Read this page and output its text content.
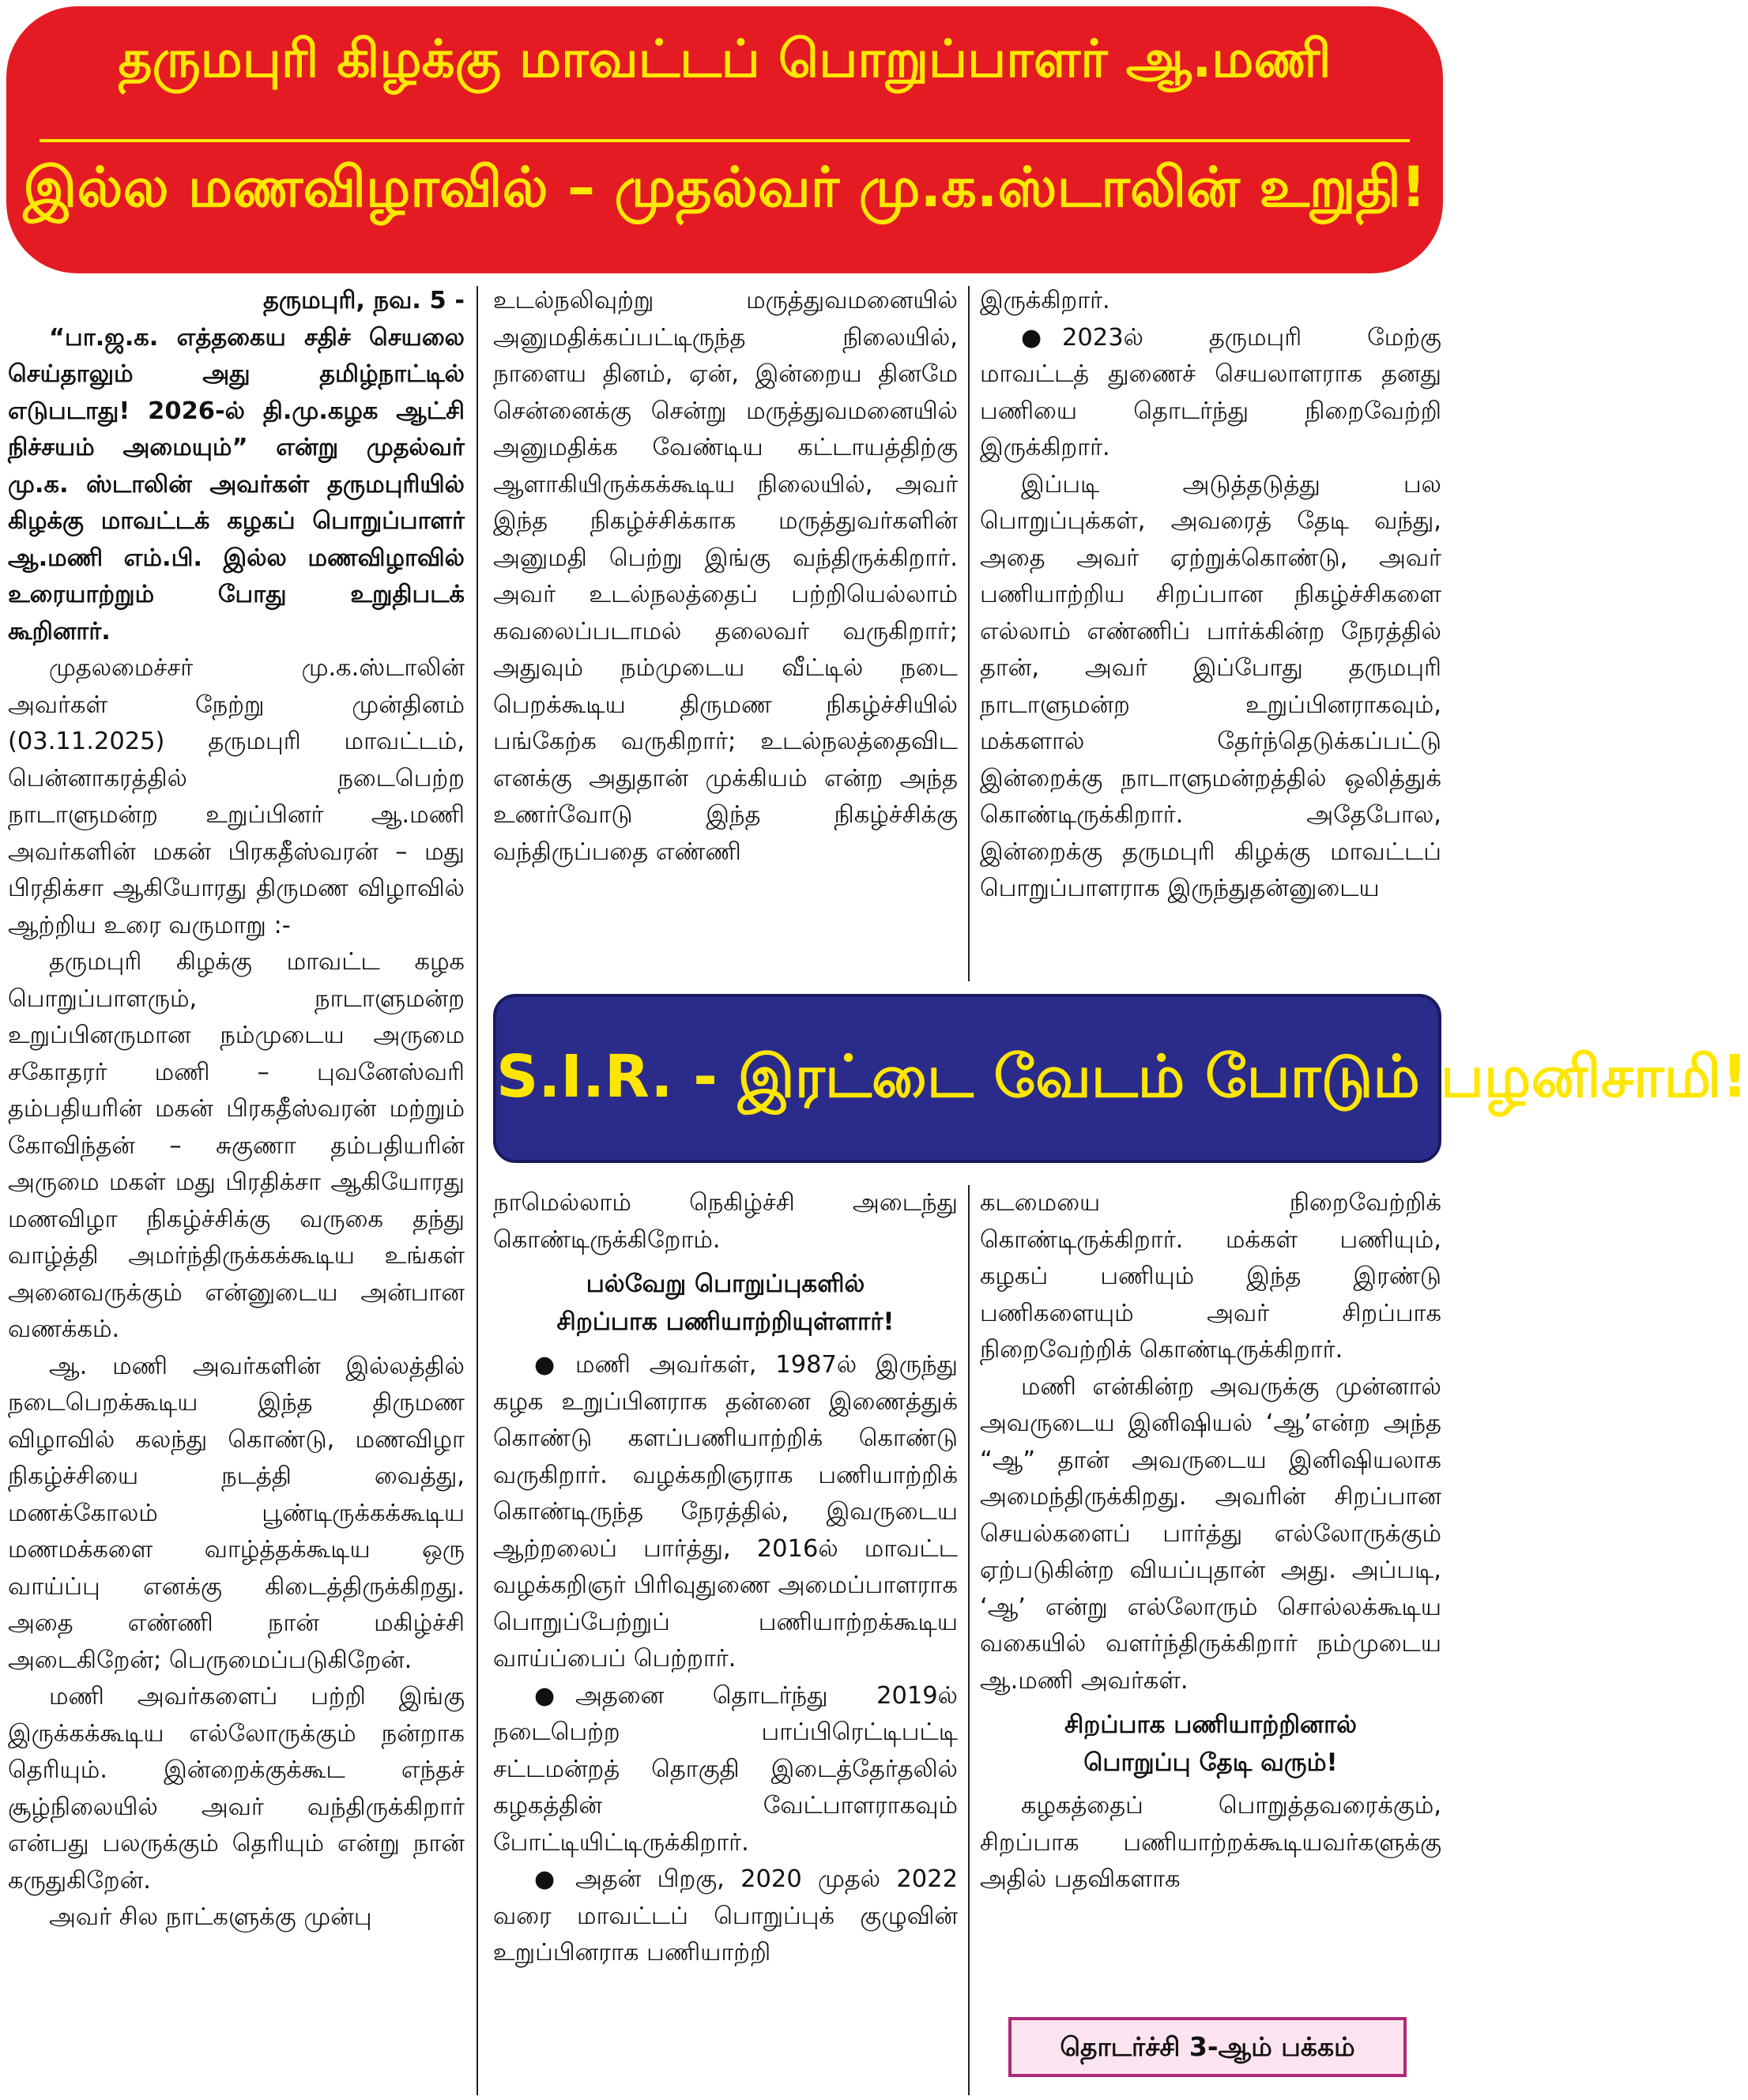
தருமபுரி கிழக்கு மாவட்டப் பொறுப்பாளர் ஆ.மணி
இல்ல மணவிழாவில் – முதல்வர் மு.க.ஸ்டாலின் உறுதி!

தருமபுரி, நவ. 5 -

“பா.ஜ.க. எத்தகைய சதிச் செயலை செய்தாலும் அது தமிழ்நாட்டில் எடுபடாது! 2026-ல் தி.மு.கழக ஆட்சி நிச்சயம் அமையும்” என்று முதல்வர் மு.க. ஸ்டாலின் அவர்கள் தருமபுரியில் கிழக்கு மாவட்டக் கழகப் பொறுப்பாளர் ஆ.மணி எம்.பி. இல்ல மணவிழாவில் உரையாற்றும் போது உறுதிபடக் கூறினார்.

முதலமைச்சர் மு.க.ஸ்டாலின் அவர்கள் நேற்று முன்தினம் (03.11.2025) தருமபுரி மாவட்டம், பென்னாகரத்தில் நடைபெற்ற நாடாளுமன்ற உறுப்பினர் ஆ.மணி அவர்களின் மகன் பிரகதீஸ்வரன் – மது பிரதிக்சா ஆகியோரது திருமண விழாவில் ஆற்றிய உரை வருமாறு :-

தருமபுரி கிழக்கு மாவட்ட கழக பொறுப்பாளரும், நாடாளுமன்ற உறுப்பினருமான நம்முடைய அருமை சகோதரர் மணி – புவனேஸ்வரி தம்பதியரின் மகன் பிரகதீஸ்வரன் மற்றும் கோவிந்தன் – சுகுணா தம்பதியரின் அருமை மகள் மது பிரதிக்சா ஆகியோரது மணவிழா நிகழ்ச்சிக்கு வருகை தந்து வாழ்த்தி அமர்ந்திருக்கக்கூடிய உங்கள் அனைவருக்கும் என்னுடைய அன்பான வணக்கம்.

ஆ. மணி அவர்களின் இல்லத்தில் நடைபெறக்கூடிய இந்த திருமண விழாவில் கலந்து கொண்டு, மணவிழா நிகழ்ச்சியை நடத்தி வைத்து, மணக்கோலம் பூண்டிருக்கக்கூடிய மணமக்களை வாழ்த்தக்கூடிய ஒரு வாய்ப்பு எனக்கு கிடைத்திருக்கிறது. அதை எண்ணி நான் மகிழ்ச்சி அடைகிறேன்; பெருமைப்படுகிறேன்.

மணி அவர்களைப் பற்றி இங்கு இருக்கக்கூடிய எல்லோருக்கும் நன்றாக தெரியும். இன்றைக்குக்கூட எந்தச் சூழ்நிலையில் அவர் வந்திருக்கிறார் என்பது பலருக்கும் தெரியும் என்று நான் கருதுகிறேன்.

அவர் சில நாட்களுக்கு முன்பு

உடல்நலிவுற்று மருத்துவமனையில் அனுமதிக்கப்பட்டிருந்த நிலையில், நாளைய தினம், ஏன், இன்றைய தினமே சென்னைக்கு சென்று மருத்துவமனையில் அனுமதிக்க வேண்டிய கட்டாயத்திற்கு ஆளாகியிருக்கக்கூடிய நிலையில், அவர் இந்த நிகழ்ச்சிக்காக மருத்துவர்களின் அனுமதி பெற்று இங்கு வந்திருக்கிறார். அவர் உடல்நலத்தைப் பற்றியெல்லாம் கவலைப்படாமல் தலைவர் வருகிறார்; அதுவும் நம்முடைய வீட்டில் நடை பெறக்கூடிய திருமண நிகழ்ச்சியில் பங்கேற்க வருகிறார்; உடல்நலத்தைவிட எனக்கு அதுதான் முக்கியம் என்ற அந்த உணர்வோடு இந்த நிகழ்ச்சிக்கு வந்திருப்பதை எண்ணி

இருக்கிறார்.

● 2023ல் தருமபுரி மேற்கு மாவட்டத் துணைச் செயலாளராக தனது பணியை தொடர்ந்து நிறைவேற்றி இருக்கிறார்.

இப்படி அடுத்தடுத்து பல பொறுப்புக்கள், அவரைத் தேடி வந்து, அதை அவர் ஏற்றுக்கொண்டு, அவர் பணியாற்றிய சிறப்பான நிகழ்ச்சிகளை எல்லாம் எண்ணிப் பார்க்கின்ற நேரத்தில் தான், அவர் இப்போது தருமபுரி நாடாளுமன்ற உறுப்பினராகவும், மக்களால் தேர்ந்தெடுக்கப்பட்டு இன்றைக்கு நாடாளுமன்றத்தில் ஒலித்துக் கொண்டிருக்கிறார். அதேபோல, இன்றைக்கு தருமபுரி கிழக்கு மாவட்டப் பொறுப்பாளராக இருந்துதன்னுடைய

S.I.R. - இரட்டை வேடம் போடும் பழனிசாமி!

நாமெல்லாம் நெகிழ்ச்சி அடைந்து கொண்டிருக்கிறோம்.

பல்வேறு பொறுப்புகளில்
சிறப்பாக பணியாற்றியுள்ளார்!

● மணி அவர்கள், 1987ல் இருந்து கழக உறுப்பினராக தன்னை இணைத்துக் கொண்டு களப்பணியாற்றிக் கொண்டு வருகிறார். வழக்கறிஞராக பணியாற்றிக் கொண்டிருந்த நேரத்தில், இவருடைய ஆற்றலைப் பார்த்து, 2016ல் மாவட்ட வழக்கறிஞர் பிரிவுதுணை அமைப்பாளராக பொறுப்பேற்றுப் பணியாற்றக்கூடிய வாய்ப்பைப் பெற்றார்.

● அதனை தொடர்ந்து 2019ல் நடைபெற்ற பாப்பிரெட்டிபட்டி சட்டமன்றத் தொகுதி இடைத்தேர்தலில் கழகத்தின் வேட்பாளராகவும் போட்டியிட்டிருக்கிறார்.

● அதன் பிறகு, 2020 முதல் 2022 வரை மாவட்டப் பொறுப்புக் குழுவின் உறுப்பினராக பணியாற்றி

கடமையை நிறைவேற்றிக் கொண்டிருக்கிறார். மக்கள் பணியும், கழகப் பணியும் இந்த இரண்டு பணிகளையும் அவர் சிறப்பாக நிறைவேற்றிக் கொண்டிருக்கிறார்.

மணி என்கின்ற அவருக்கு முன்னால் அவருடைய இனிஷியல் ‘ஆ’என்ற அந்த “ஆ” தான் அவருடைய இனிஷியலாக அமைந்திருக்கிறது. அவரின் சிறப்பான செயல்களைப் பார்த்து எல்லோருக்கும் ஏற்படுகின்ற வியப்புதான் அது. அப்படி, ‘ஆ’ என்று எல்லோரும் சொல்லக்கூடிய வகையில் வளர்ந்திருக்கிறார் நம்முடைய ஆ.மணி அவர்கள்.

சிறப்பாக பணியாற்றினால்
பொறுப்பு தேடி வரும்!

கழகத்தைப் பொறுத்தவரைக்கும், சிறப்பாக பணியாற்றக்கூடியவர்களுக்கு அதில் பதவிகளாக

தொடர்ச்சி 3-ஆம் பக்கம்
